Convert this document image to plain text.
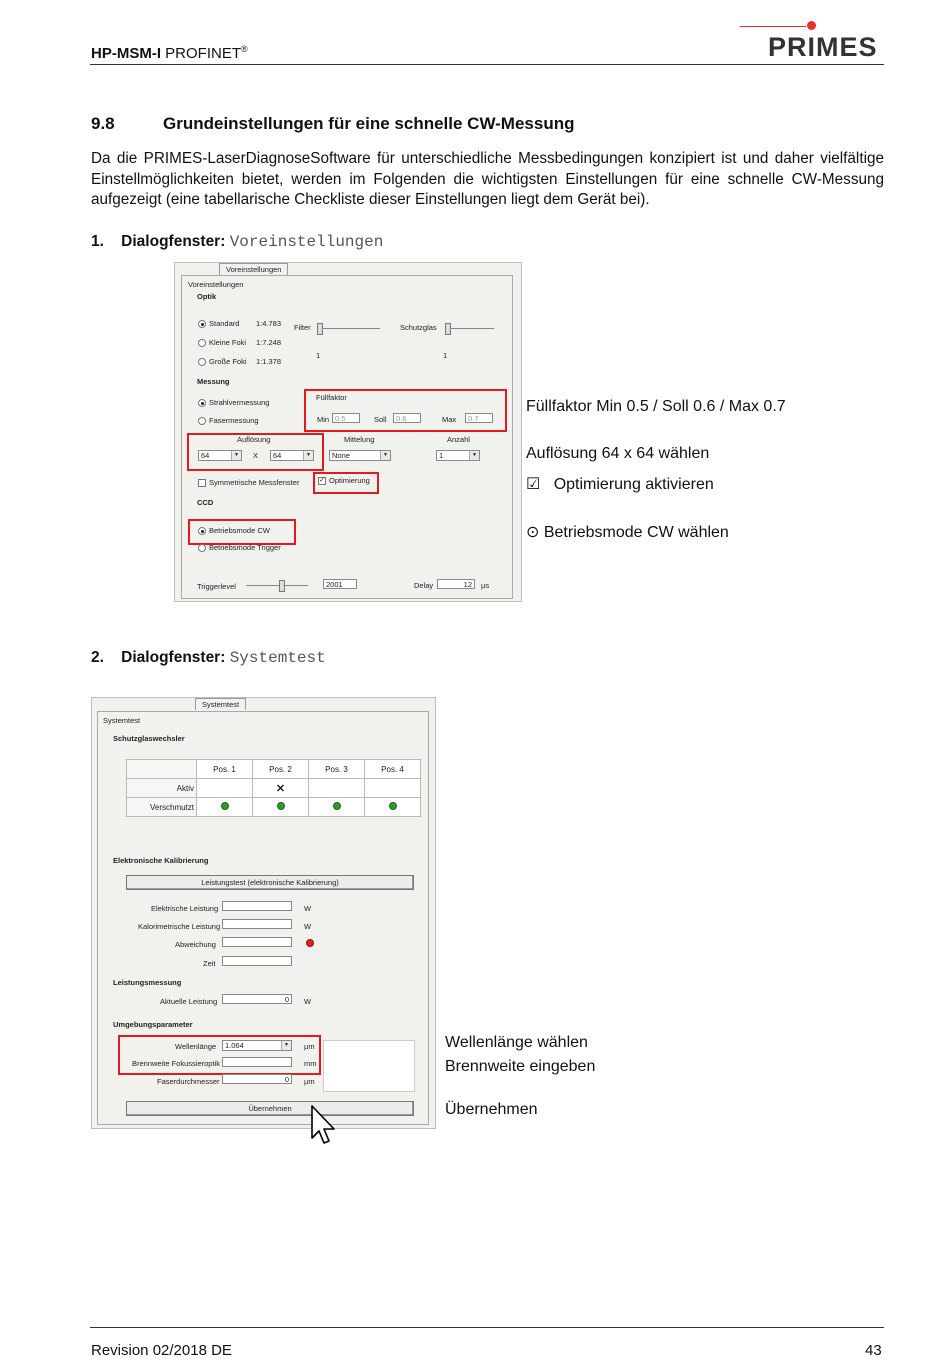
HP-MSM-I PROFINET®	PRIMES
9.8	Grundeinstellungen für eine schnelle CW-Messung
Da die PRIMES-LaserDiagnoseSoftware für unterschiedliche Messbedingungen konzipiert ist und daher vielfältige Einstellmöglichkeiten bietet, werden im Folgenden die wichtigsten Einstellungen für eine schnelle CW-Messung aufgezeigt (eine tabellarische Checkliste dieser Einstellungen liegt dem Gerät bei).
1. Dialogfenster: Voreinstellungen
Voreinstellungen
Voreinstellungen
Optik
Standard 1:4.783
Kleine Foki 1:7.248
Große Foki 1:1.378
Filter
1
Schutzglas
1
Messung
Strahlvermessung
Fasermessung
Füllfaktor
Min 0.5	Soll	0.6	Max	0.7
Auflösung
64	▼ X	64	▼
Mittelung
None	▼
Anzahl
1	▼
Symmetrische Messfenster	✓ Optimierung
CCD
Betriebsmode CW
Betriebsmode Trigger
Triggerlevel	2001	Delay	12	µs
Füllfaktor Min 0.5 / Soll 0.6 / Max 0.7
Auflösung 64 x 64 wählen
☑ Optimierung aktivieren
⊙ Betriebsmode CW wählen
2. Dialogfenster: Systemtest
Systemtest
Systemtest
Schutzglaswechsler
	Pos. 1	Pos. 2	Pos. 3	Pos. 4
Aktiv		✕		
Verschmutzt				
Elektronische Kalibrierung
Leistungstest (elektronische Kalibrierung)
Elektrische Leistung	W
Kalorimetrische Leistung	W
Abweichung
Zeit
Leistungsmessung
Aktuelle Leistung	0	W
Umgebungsparameter
Wellenlänge	1.064	▼ µm
Brennweite Fokussieroptik	mm
Faserdurchmesser	0	µm
Übernehmen
Wellenlänge wählen
Brennweite eingeben
Übernehmen
Revision 02/2018 DE	43
